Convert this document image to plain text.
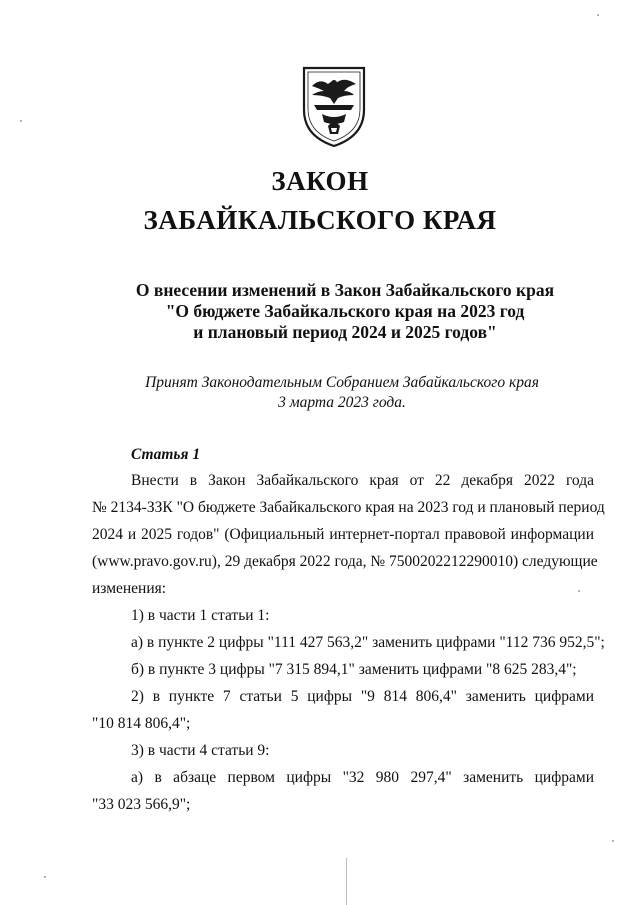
ЗАКОН
ЗАБАЙКАЛЬСКОГО КРАЯ
О внесении изменений в Закон Забайкальского края
"О бюджете Забайкальского края на 2023 год
и плановый период 2024 и 2025 годов"
Принят Законодательным Собранием Забайкальского края
3 марта 2023 года.
Статья 1
Внести в Закон Забайкальского края от 22 декабря 2022 года
№ 2134-ЗЗК "О бюджете Забайкальского края на 2023 год и плановый период
2024 и 2025 годов" (Официальный интернет-портал правовой информации
(www.pravo.gov.ru), 29 декабря 2022 года, № 7500202212290010) следующие
изменения:
1) в части 1 статьи 1:
а) в пункте 2 цифры "111 427 563,2" заменить цифрами "112 736 952,5";
б) в пункте 3 цифры "7 315 894,1" заменить цифрами "8 625 283,4";
2) в пункте 7 статьи 5 цифры "9 814 806,4" заменить цифрами
"10 814 806,4";
3) в части 4 статьи 9:
а) в абзаце первом цифры "32 980 297,4" заменить цифрами
"33 023 566,9";
